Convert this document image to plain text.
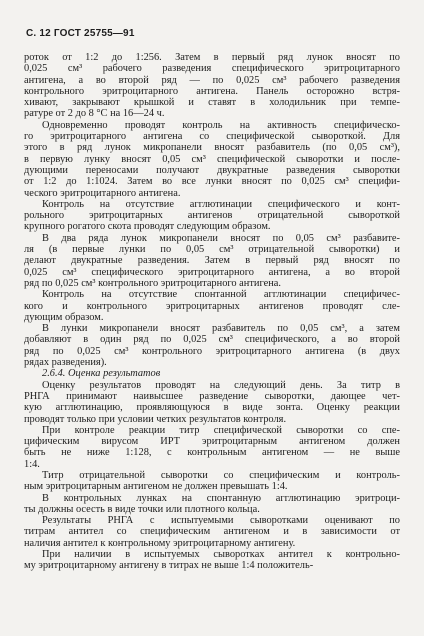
С. 12 ГОСТ 25755—91
роток от 1:2 до 1:256. Затем в первый ряд лунок вносят по
0,025 см³ рабочего разведения специфического эритроцитарного
антигена, а во второй ряд — по 0,025 см³ рабочего разведения
контрольного эритроцитарного антигена. Панель осторожно встря-
хивают, закрывают крышкой и ставят в холодильник при темпе-
ратуре от 2 до 8 °С на 16—24 ч.
Одновременно проводят контроль на активность специфическо-
го эритроцитарного антигена со специфической сывороткой. Для
этого в ряд лунок микропанели вносят разбавитель (по 0,05 см³),
в первую лунку вносят 0,05 см³ специфической сыворотки и после-
дующими переносами получают двукратные разведения сыворотки
от 1:2 до 1:1024. Затем во все лунки вносят по 0,025 см³ специфи-
ческого эритроцитарного антигена.
Контроль на отсутствие агглютинации специфического и конт-
рольного эритроцитарных антигенов отрицательной сывороткой
крупного рогатого скота проводят следующим образом.
В два ряда лунок микропанели вносят по 0,05 см³ разбавите-
ля (в первые лунки по 0,05 см³ отрицательной сыворотки) и
делают двукратные разведения. Затем в первый ряд вносят по
0,025 см³ специфического эритроцитарного антигена, а во второй
ряд по 0,025 см³ контрольного эритроцитарного антигена.
Контроль на отсутствие спонтанной агглютинации специфичес-
кого и контрольного эритроцитарных антигенов проводят сле-
дующим образом.
В лунки микропанели вносят разбавитель по 0,05 см³, а затем
добавляют в один ряд по 0,025 см³ специфического, а во второй
ряд по 0,025 см³ контрольного эритроцитарного антигена (в двух
рядах разведения).
2.6.4. Оценка результатов
Оценку результатов проводят на следующий день. За титр в
РНГА принимают наивысшее разведение сыворотки, дающее чет-
кую агглютинацию, проявляющуюся в виде зонта. Оценку реакции
проводят только при условии четких результатов контроля.
При контроле реакции титр специфической сыворотки со спе-
цифическим вирусом ИРТ эритроцитарным антигеном должен
быть не ниже 1:128, с контрольным антигеном — не выше
1:4.
Титр отрицательной сыворотки со специфическим и контроль-
ным эритроцитарным антигеном не должен превышать 1:4.
В контрольных лунках на спонтанную агглютинацию эритроци-
ты должны осесть в виде точки или плотного кольца.
Результаты РНГА с испытуемыми сыворотками оценивают по
титрам антител со специфическим антигеном и в зависимости от
наличия антител к контрольному эритроцитарному антигену.
При наличии в испытуемых сыворотках антител к контрольно-
му эритроцитарному антигену в титрах не выше 1:4 положитель-
